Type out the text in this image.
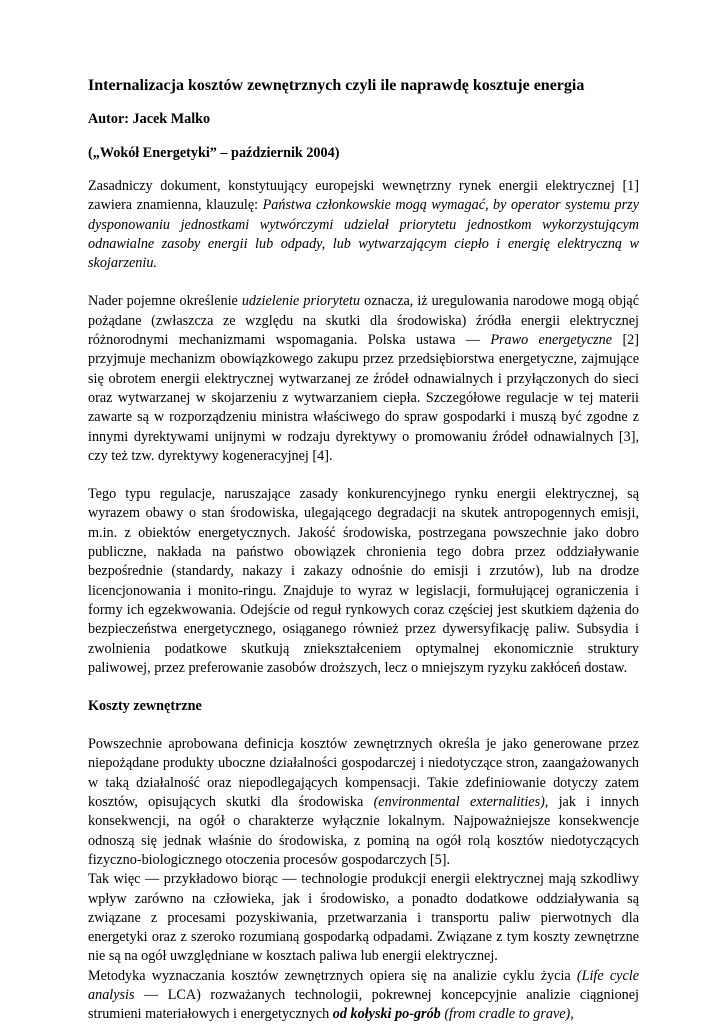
Internalizacja kosztów zewnętrznych czyli ile naprawdę kosztuje energia
Autor: Jacek Malko
(„Wokół Energetyki” – październik 2004)

Zasadniczy dokument, konstytuujący europejski wewnętrzny rynek energii elektrycznej [1] zawiera znamienna, klauzulę: Państwa członkowskie mogą wymagać, by operator systemu przy dysponowaniu jednostkami wytwórczymi udzielał priorytetu jednostkom wykorzystującym odnawialne zasoby energii lub odpady, lub wytwarzającym ciepło i energię elektryczną w skojarzeniu.

Nader pojemne określenie udzielenie priorytetu oznacza, iż uregulowania narodowe mogą objąć pożądane (zwłaszcza ze względu na skutki dla środowiska) źródła energii elektrycznej różnorodnymi mechanizmami wspomagania. Polska ustawa — Prawo energetyczne [2] przyjmuje mechanizm obowiązkowego zakupu przez przedsiębiorstwa energetyczne, zajmujące się obrotem energii elektrycznej wytwarzanej ze źródeł odnawialnych i przyłączonych do sieci oraz wytwarzanej w skojarzeniu z wytwarzaniem ciepła. Szczegółowe regulacje w tej materii zawarte są w rozporządzeniu ministra właściwego do spraw gospodarki i muszą być zgodne z innymi dyrektywami unijnymi w rodzaju dyrektywy o promowaniu źródeł odnawialnych [3], czy też tzw. dyrektywy kogeneracyjnej [4].

Tego typu regulacje, naruszające zasady konkurencyjnego rynku energii elektrycznej, są wyrazem obawy o stan środowiska, ulegającego degradacji na skutek antropogennych emisji, m.in. z obiektów energetycznych. Jakość środowiska, postrzegana powszechnie jako dobro publiczne, nakłada na państwo obowiązek chronienia tego dobra przez oddziaływanie bezpośrednie (standardy, nakazy i zakazy odnośnie do emisji i zrzutów), lub na drodze licencjonowania i monito-ringu. Znajduje to wyraz w legislacji, formułującej ograniczenia i formy ich egzekwowania. Odejście od reguł rynkowych coraz częściej jest skutkiem dążenia do bezpieczeństwa energetycznego, osiąganego również przez dywersyfikację paliw. Subsydia i zwolnienia podatkowe skutkują zniekształceniem optymalnej ekonomicznie struktury paliwowej, przez preferowanie zasobów droższych, lecz o mniejszym ryzyku zakłóceń dostaw.

Koszty zewnętrzne

Powszechnie aprobowana definicja kosztów zewnętrznych określa je jako generowane przez niepożądane produkty uboczne działalności gospodarczej i niedotyczące stron, zaangażowanych w taką działalność oraz niepodlegających kompensacji. Takie zdefiniowanie dotyczy zatem kosztów, opisujących skutki dla środowiska (environmental externalities), jak i innych konsekwencji, na ogół o charakterze wyłącznie lokalnym. Najpoważniejsze konsekwencje odnoszą się jednak właśnie do środowiska, z pominą na ogół rolą kosztów niedotyczących fizyczno-biologicznego otoczenia procesów gospodarczych [5].

Tak więc — przykładowo biorąc — technologie produkcji energii elektrycznej mają szkodliwy wpływ zarówno na człowieka, jak i środowisko, a ponadto dodatkowe oddziaływania są związane z procesami pozyskiwania, przetwarzania i transportu paliw pierwotnych dla energetyki oraz z szeroko rozumianą gospodarką odpadami. Związane z tym koszty zewnętrzne nie są na ogół uwzględniane w kosztach paliwa lub energii elektrycznej.

Metodyka wyznaczania kosztów zewnętrznych opiera się na analizie cyklu życia (Life cycle analysis — LCA) rozważanych technologii, pokrewnej koncepcyjnie analizie ciągnionej strumieni materiałowych i energetycznych od kołyski po-grób (from cradle to grave),
